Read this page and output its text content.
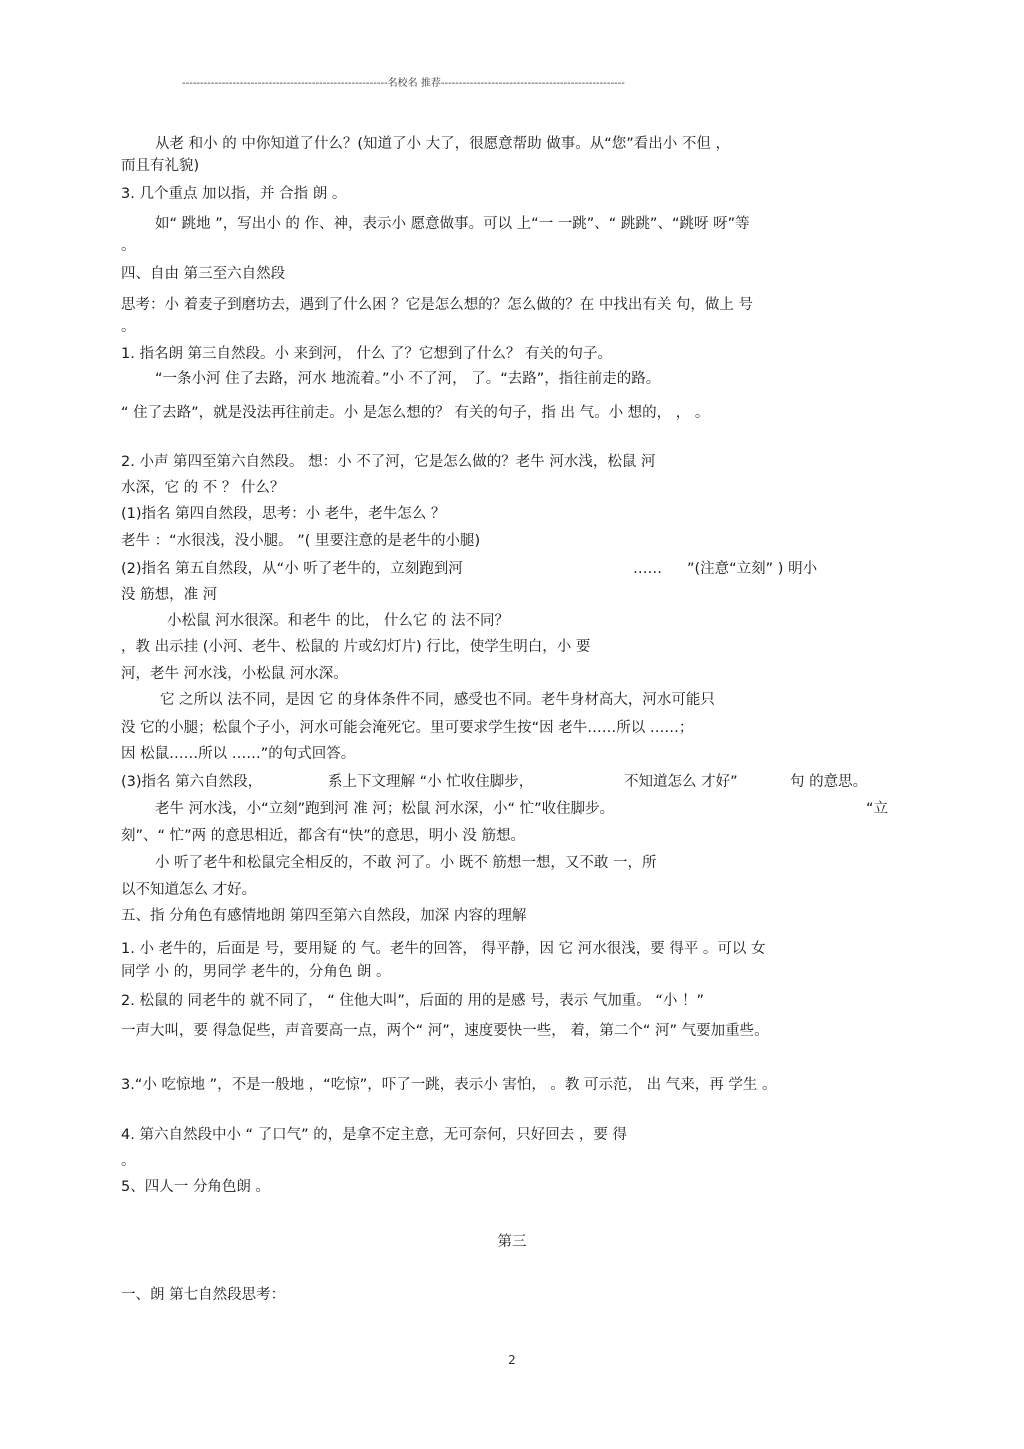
---------------------------------------------------------名校名 推荐---------------------------------------------------
从老 和小 的 中你知道了什么？(知道了小 大了，很愿意帮助 做事。从“您”看出小 不但 ，
而且有礼貌)
3. 几个重点 加以指，并 合指 朗 。
如“ 跳地 ”，写出小 的 作、神，表示小 愿意做事。可以 上“一 一跳”、“ 跳跳”、“跳呀 呀”等
。
四、自由 第三至六自然段
思考：小 着麦子到磨坊去，遇到了什么困 ？它是怎么想的？怎么做的？在 中找出有关 句，做上 号
。
1. 指名朗 第三自然段。小 来到河， 什么 了？它想到了什么？ 有关的句子。
“一条小河 住了去路，河水 地流着。”小 不了河， 了。“去路”，指往前走的路。
“ 住了去路”，就是没法再往前走。小 是怎么想的？ 有关的句子，指 出 气。小 想的， ， 。
2. 小声 第四至第六自然段。 想：小 不了河，它是怎么做的？老牛 河水浅，松鼠 河
水深，它 的 不 ？ 什么？
(1)指名 第四自然段，思考：小 老牛，老牛怎么 ？
老牛 ：“水很浅，没小腿。 ”( 里要注意的是老牛的小腿)
(2)指名 第五自然段，从“小 听了老牛的，立刻跑到河	…… ”(注意“立刻” ) 明小
没 筋想，准 河
小松鼠 河水很深。和老牛 的比， 什么它 的 法不同？
，教 出示挂 (小河、老牛、松鼠的 片或幻灯片) 行比，使学生明白，小 要
河，老牛 河水浅，小松鼠 河水深。
它 之所以 法不同，是因 它 的身体条件不同，感受也不同。老牛身材高大，河水可能只
没 它的小腿；松鼠个子小，河水可能会淹死它。里可要求学生按“因 老牛……所以 ……；
因 松鼠……所以 ……”的句式回答。
(3)指名 第六自然段，	系上下文理解 “小 忙收住脚步，	不知道怎么 才好”	句 的意思。
老牛 河水浅，小“立刻”跑到河 准 河；松鼠 河水深，小“ 忙”收住脚步。	“立
刻”、“ 忙”两 的意思相近，都含有“快”的意思，明小 没 筋想。
小 听了老牛和松鼠完全相反的，不敢 河了。小 既不 筋想一想，又不敢 一，所
以不知道怎么 才好。
五、指 分角色有感情地朗 第四至第六自然段，加深 内容的理解
1. 小 老牛的，后面是 号，要用疑 的 气。老牛的回答， 得平静，因 它 河水很浅，要 得平 。可以 女
同学 小 的，男同学 老牛的，分角色 朗 。
2. 松鼠的 同老牛的 就不同了， “ 住他大叫”，后面的 用的是感 号，表示 气加重。 “小 ！”
一声大叫，要 得急促些，声音要高一点，两个“ 河”，速度要快一些， 着，第二个“ 河” 气要加重些。
3.“小 吃惊地 ”，不是一般地 ，“吃惊”，吓了一跳，表示小 害怕， 。教 可示范， 出 气来，再 学生 。
4. 第六自然段中小 “ 了口气” 的，是拿不定主意，无可奈何，只好回去 ，要 得
。
5、四人一 分角色朗 。
第三
一、朗 第七自然段思考：
2
